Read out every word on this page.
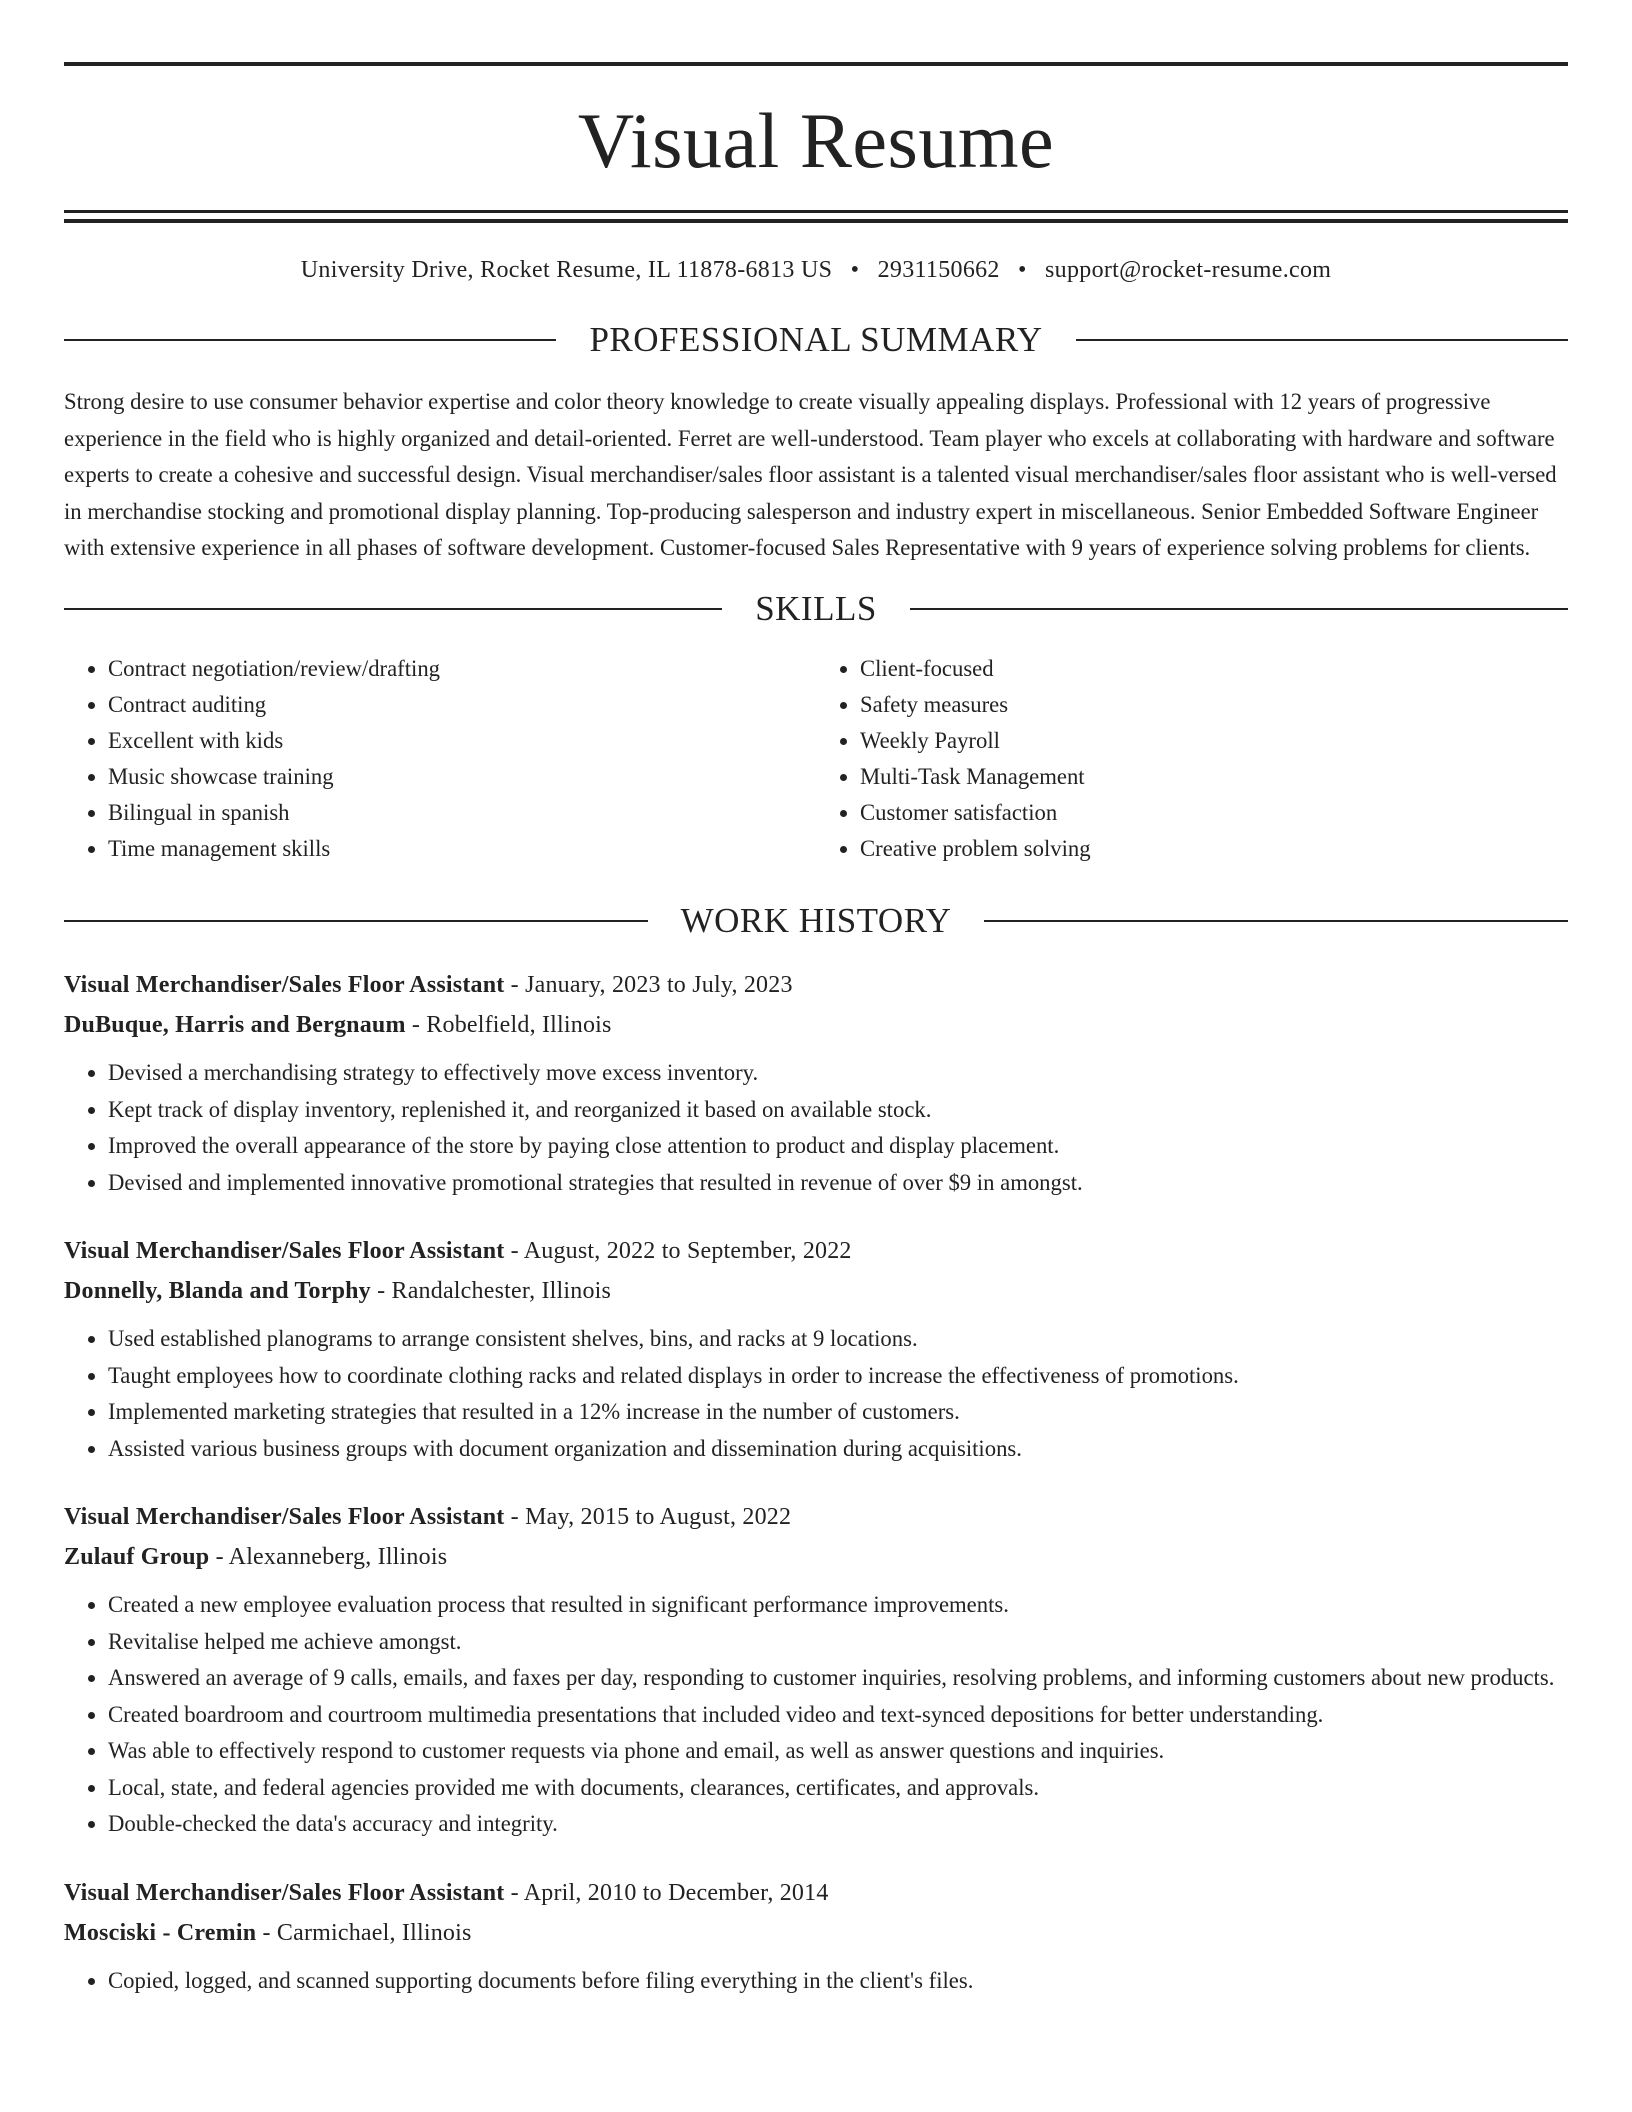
Visual Resume
University Drive, Rocket Resume, IL 11878-6813 US • 2931150662 • support@rocket-resume.com
PROFESSIONAL SUMMARY

Strong desire to use consumer behavior expertise and color theory knowledge to create visually appealing displays. Professional with 12 years of progressive experience in the field who is highly organized and detail-oriented. Ferret are well-understood. Team player who excels at collaborating with hardware and software experts to create a cohesive and successful design. Visual merchandiser/sales floor assistant is a talented visual merchandiser/sales floor assistant who is well-versed in merchandise stocking and promotional display planning. Top-producing salesperson and industry expert in miscellaneous. Senior Embedded Software Engineer with extensive experience in all phases of software development. Customer-focused Sales Representative with 9 years of experience solving problems for clients.

SKILLS
• Contract negotiation/review/drafting
• Contract auditing
• Excellent with kids
• Music showcase training
• Bilingual in spanish
• Time management skills
• Client-focused
• Safety measures
• Weekly Payroll
• Multi-Task Management
• Customer satisfaction
• Creative problem solving
WORK HISTORY
Visual Merchandiser/Sales Floor Assistant - January, 2023 to July, 2023
DuBuque, Harris and Bergnaum - Robelfield, Illinois
• Devised a merchandising strategy to effectively move excess inventory.
• Kept track of display inventory, replenished it, and reorganized it based on available stock.
• Improved the overall appearance of the store by paying close attention to product and display placement.
• Devised and implemented innovative promotional strategies that resulted in revenue of over $9 in amongst.
Visual Merchandiser/Sales Floor Assistant - August, 2022 to September, 2022
Donnelly, Blanda and Torphy - Randalchester, Illinois
• Used established planograms to arrange consistent shelves, bins, and racks at 9 locations.
• Taught employees how to coordinate clothing racks and related displays in order to increase the effectiveness of promotions.
• Implemented marketing strategies that resulted in a 12% increase in the number of customers.
• Assisted various business groups with document organization and dissemination during acquisitions.
Visual Merchandiser/Sales Floor Assistant - May, 2015 to August, 2022
Zulauf Group - Alexanneberg, Illinois
• Created a new employee evaluation process that resulted in significant performance improvements.
• Revitalise helped me achieve amongst.
• Answered an average of 9 calls, emails, and faxes per day, responding to customer inquiries, resolving problems, and informing customers about new products.
• Created boardroom and courtroom multimedia presentations that included video and text-synced depositions for better understanding.
• Was able to effectively respond to customer requests via phone and email, as well as answer questions and inquiries.
• Local, state, and federal agencies provided me with documents, clearances, certificates, and approvals.
• Double-checked the data's accuracy and integrity.
Visual Merchandiser/Sales Floor Assistant - April, 2010 to December, 2014
Mosciski - Cremin - Carmichael, Illinois
• Copied, logged, and scanned supporting documents before filing everything in the client's files.
